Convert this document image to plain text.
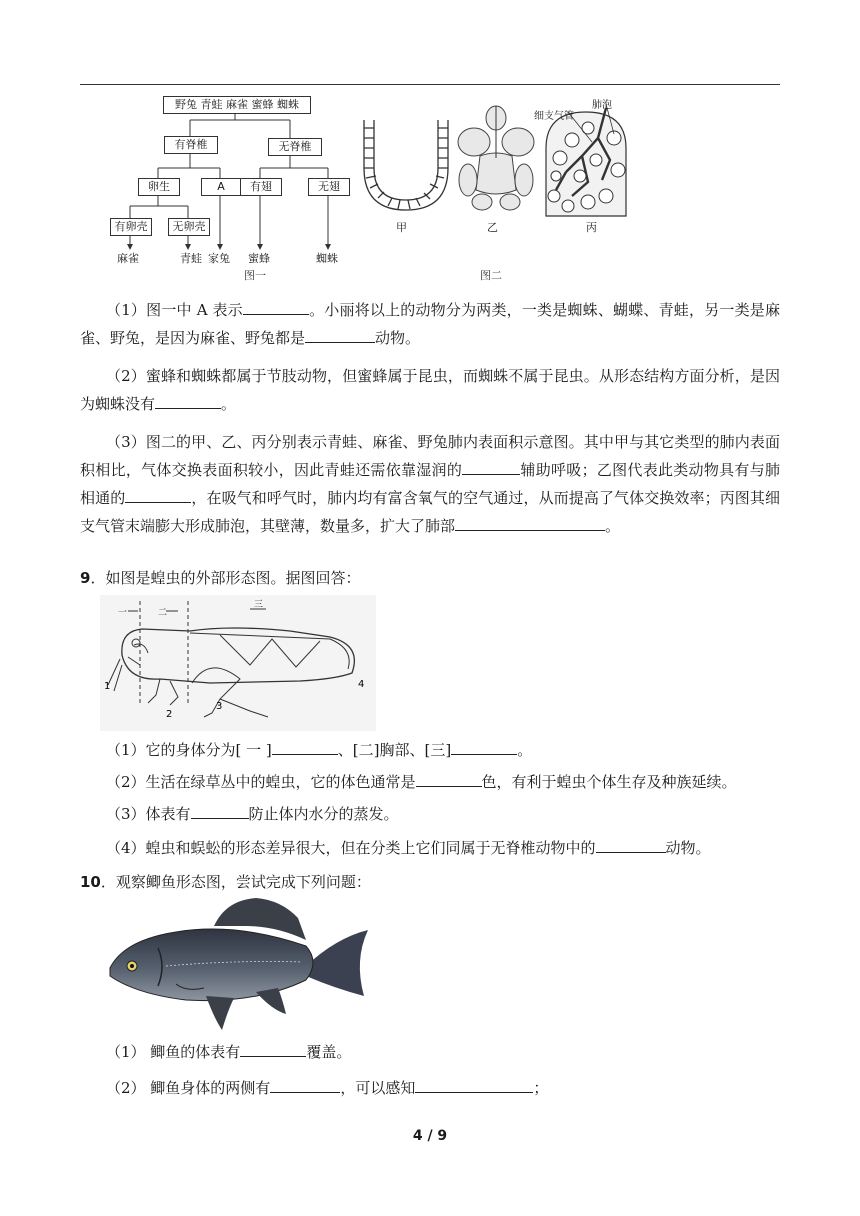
野兔 青蛙 麻雀 蜜蜂 蜘蛛
有脊椎	无脊椎
卵生	A	有翅	无翅
有卵壳	无卵壳
麻雀	青蛙 家兔 蜜蜂	蜘蛛
图一
细支气管
肺泡
甲	乙	丙
图二
（1）图一中 A 表示	。小丽将以上的动物分为两类，一类是蜘蛛、蝴蝶、青蛙，另一类是麻雀、野兔，是因为麻雀、野兔都是	动物。
（2）蜜蜂和蜘蛛都属于节肢动物，但蜜蜂属于昆虫，而蜘蛛不属于昆虫。从形态结构方面分析，是因为蜘蛛没有	。
（3）图二的甲、乙、丙分别表示青蛙、麻雀、野兔肺内表面积示意图。其中甲与其它类型的肺内表面积相比，气体交换表面积较小，因此青蛙还需依靠湿润的	辅助呼吸；乙图代表此类动物具有与肺相通的	，在吸气和呼气时，肺内均有富含氧气的空气通过，从而提高了气体交换效率；丙图其细支气管末端膨大形成肺泡，其壁薄，数量多，扩大了肺部	。
9．如图是蝗虫的外部形态图。据图回答：
一	二
三
1
2
3
4
（1）它的身体分为[ 一 ]	、[二]胸部、[三]	。
（2）生活在绿草丛中的蝗虫，它的体色通常是	色，有利于蝗虫个体生存及种族延续。
（3）体表有	防止体内水分的蒸发。
（4）蝗虫和蜈蚣的形态差异很大，但在分类上它们同属于无脊椎动物中的	动物。
10．观察鲫鱼形态图，尝试完成下列问题：
（1） 鲫鱼的体表有	覆盖。
（2） 鲫鱼身体的两侧有	，可以感知	；
4 / 9
